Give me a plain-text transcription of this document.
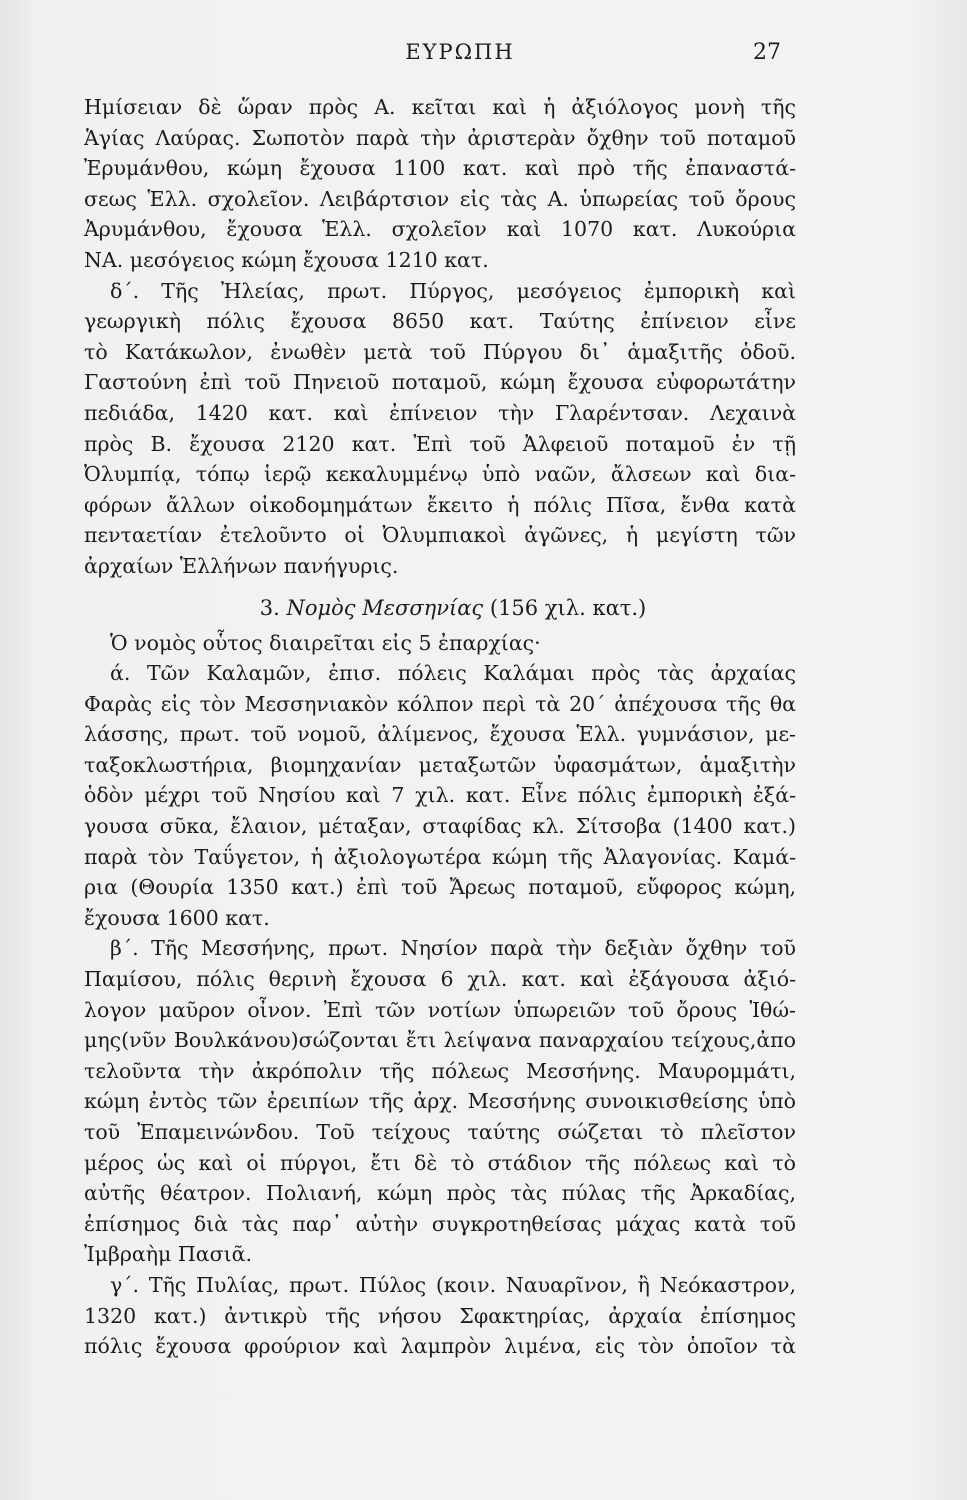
ΕΥΡΩΠΗ	27
Ημίσειαν δὲ ὥραν πρὸς Α. κεῖται καὶ ἡ ἀξιόλογος μονὴ τῆς
Ἁγίας Λαύρας. Σωποτὸν παρὰ τὴν ἀριστερὰν ὄχθην τοῦ ποταμοῦ
Ἐρυμάνθου, κώμη ἔχουσα 1100 κατ. καὶ πρὸ τῆς ἐπαναστά-
σεως Ἑλλ. σχολεῖον. Λειβάρτσιον εἰς τὰς Α. ὑπωρείας τοῦ ὄρους
Ἀρυμάνθου, ἔχουσα Ἑλλ. σχολεῖον καὶ 1070 κατ. Λυκούρια
ΝΑ. μεσόγειος κώμη ἔχουσα 1210 κατ.
δ΄. Τῆς Ἠλείας, πρωτ. Πύργος, μεσόγειος ἐμπορικὴ καὶ
γεωργικὴ πόλις ἔχουσα 8650 κατ. Ταύτης ἐπίνειον εἶνε
τὸ Κατάκωλον, ἐνωθὲν μετὰ τοῦ Πύργου δι᾽ ἁμαξιτῆς ὁδοῦ.
Γαστούνη ἐπὶ τοῦ Πηνειοῦ ποταμοῦ, κώμη ἔχουσα εὐφορωτάτην
πεδιάδα, 1420 κατ. καὶ ἐπίνειον τὴν Γλαρέντσαν. Λεχαινὰ
πρὸς Β. ἔχουσα 2120 κατ. Ἐπὶ τοῦ Ἀλφειοῦ ποταμοῦ ἐν τῇ
Ὀλυμπίᾳ, τόπῳ ἱερῷ κεκαλυμμένῳ ὑπὸ ναῶν, ἄλσεων καὶ δια-
φόρων ἄλλων οἰκοδομημάτων ἔκειτο ἡ πόλις Πῖσα, ἔνθα κατὰ
πενταετίαν ἐτελοῦντο οἱ Ὀλυμπιακοὶ ἀγῶνες, ἡ μεγίστη τῶν
ἀρχαίων Ἑλλήνων πανήγυρις.
3. Νομὸς Μεσσηνίας (156 χιλ. κατ.)
Ὁ νομὸς οὗτος διαιρεῖται εἰς 5 ἐπαρχίας·
ά. Τῶν Καλαμῶν, ἐπισ. πόλεις Καλάμαι πρὸς τὰς ἀρχαίας
Φαρὰς εἰς τὸν Μεσσηνιακὸν κόλπον περὶ τὰ 20΄ ἀπέχουσα τῆς θα
λάσσης, πρωτ. τοῦ νομοῦ, ἀλίμενος, ἔχουσα Ἑλλ. γυμνάσιον, με-
ταξοκλωστήρια, βιομηχανίαν μεταξωτῶν ὑφασμάτων, ἁμαξιτὴν
ὁδὸν μέχρι τοῦ Νησίου καὶ 7 χιλ. κατ. Εἶνε πόλις ἐμπορικὴ ἐξά-
γουσα σῦκα, ἔλαιον, μέταξαν, σταφίδας κλ. Σίτσοβα (1400 κατ.)
παρὰ τὸν Ταΰγετον, ἡ ἀξιολογωτέρα κώμη τῆς Ἀλαγονίας. Καμά-
ρια (Θουρία 1350 κατ.) ἐπὶ τοῦ Ἄρεως ποταμοῦ, εὔφορος κώμη,
ἔχουσα 1600 κατ.
β΄. Τῆς Μεσσήνης, πρωτ. Νησίον παρὰ τὴν δεξιὰν ὄχθην τοῦ
Παμίσου, πόλις θερινὴ ἔχουσα 6 χιλ. κατ. καὶ ἐξάγουσα ἀξιό-
λογον μαῦρον οἶνον. Ἐπὶ τῶν νοτίων ὑπωρειῶν τοῦ ὄρους Ἰθώ-
μης(νῦν Βουλκάνου)σώζονται ἔτι λείψανα παναρχαίου τείχους,ἀπο
τελοῦντα τὴν ἀκρόπολιν τῆς πόλεως Μεσσήνης. Μαυρομμάτι,
κώμη ἐντὸς τῶν ἐρειπίων τῆς ἀρχ. Μεσσήνης συνοικισθείσης ὑπὸ
τοῦ Ἐπαμεινώνδου. Τοῦ τείχους ταύτης σώζεται τὸ πλεῖστον
μέρος ὡς καὶ οἱ πύργοι, ἔτι δὲ τὸ στάδιον τῆς πόλεως καὶ τὸ
αὐτῆς θέατρον. Πολιανή, κώμη πρὸς τὰς πύλας τῆς Ἀρκαδίας,
ἐπίσημος διὰ τὰς παρ᾽ αὐτὴν συγκροτηθείσας μάχας κατὰ τοῦ
Ἰμβραὴμ Πασιᾶ.
γ΄. Τῆς Πυλίας, πρωτ. Πύλος (κοιν. Ναυαρῖνον, ἢ Νεόκαστρον,
1320 κατ.) ἀντικρὺ τῆς νήσου Σφακτηρίας, ἀρχαία ἐπίσημος
πόλις ἔχουσα φρούριον καὶ λαμπρὸν λιμένα, εἰς τὸν ὁποῖον τὰ
